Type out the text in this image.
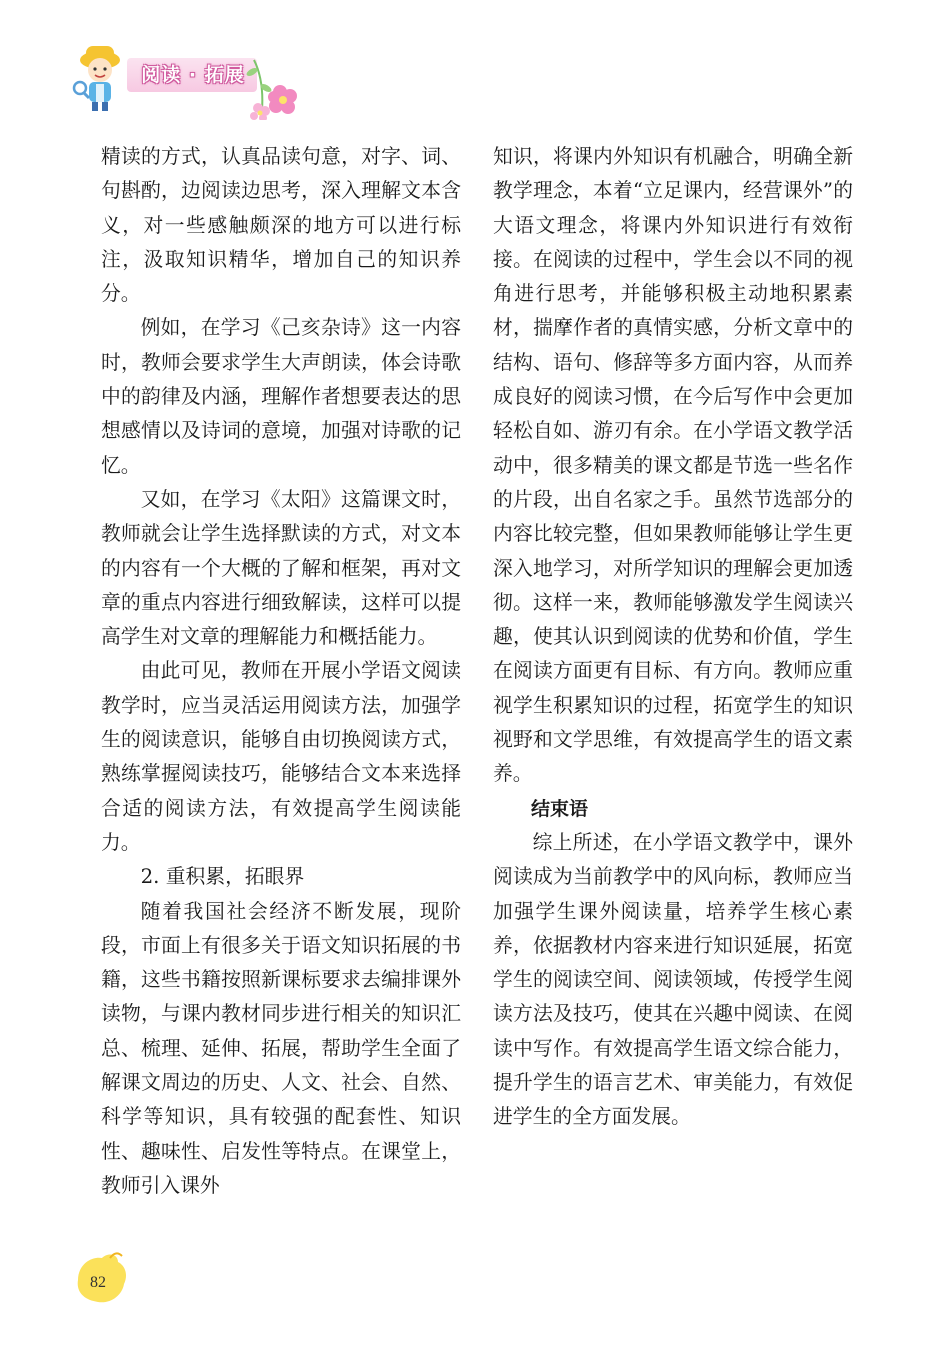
阅读 · 拓展

精读的方式，认真品读句意，对字、词、句斟酌，边阅读边思考，深入理解文本含义，对一些感触颇深的地方可以进行标注，汲取知识精华，增加自己的知识养分。

例如，在学习《己亥杂诗》这一内容时，教师会要求学生大声朗读，体会诗歌中的韵律及内涵，理解作者想要表达的思想感情以及诗词的意境，加强对诗歌的记忆。

又如，在学习《太阳》这篇课文时，教师就会让学生选择默读的方式，对文本的内容有一个大概的了解和框架，再对文章的重点内容进行细致解读，这样可以提高学生对文章的理解能力和概括能力。

由此可见，教师在开展小学语文阅读教学时，应当灵活运用阅读方法，加强学生的阅读意识，能够自由切换阅读方式，熟练掌握阅读技巧，能够结合文本来选择合适的阅读方法，有效提高学生阅读能力。

2. 重积累，拓眼界

随着我国社会经济不断发展，现阶段，市面上有很多关于语文知识拓展的书籍，这些书籍按照新课标要求去编排课外读物，与课内教材同步进行相关的知识汇总、梳理、延伸、拓展，帮助学生全面了解课文周边的历史、人文、社会、自然、科学等知识，具有较强的配套性、知识性、趣味性、启发性等特点。在课堂上，教师引入课外

知识，将课内外知识有机融合，明确全新教学理念，本着“立足课内，经营课外”的大语文理念，将课内外知识进行有效衔接。在阅读的过程中，学生会以不同的视角进行思考，并能够积极主动地积累素材，揣摩作者的真情实感，分析文章中的结构、语句、修辞等多方面内容，从而养成良好的阅读习惯，在今后写作中会更加轻松自如、游刃有余。在小学语文教学活动中，很多精美的课文都是节选一些名作的片段，出自名家之手。虽然节选部分的内容比较完整，但如果教师能够让学生更深入地学习，对所学知识的理解会更加透彻。这样一来，教师能够激发学生阅读兴趣，使其认识到阅读的优势和价值，学生在阅读方面更有目标、有方向。教师应重视学生积累知识的过程，拓宽学生的知识视野和文学思维，有效提高学生的语文素养。

结束语

综上所述，在小学语文教学中，课外阅读成为当前教学中的风向标，教师应当加强学生课外阅读量，培养学生核心素养，依据教材内容来进行知识延展，拓宽学生的阅读空间、阅读领域，传授学生阅读方法及技巧，使其在兴趣中阅读、在阅读中写作。有效提高学生语文综合能力，提升学生的语言艺术、审美能力，有效促进学生的全方面发展。

82
